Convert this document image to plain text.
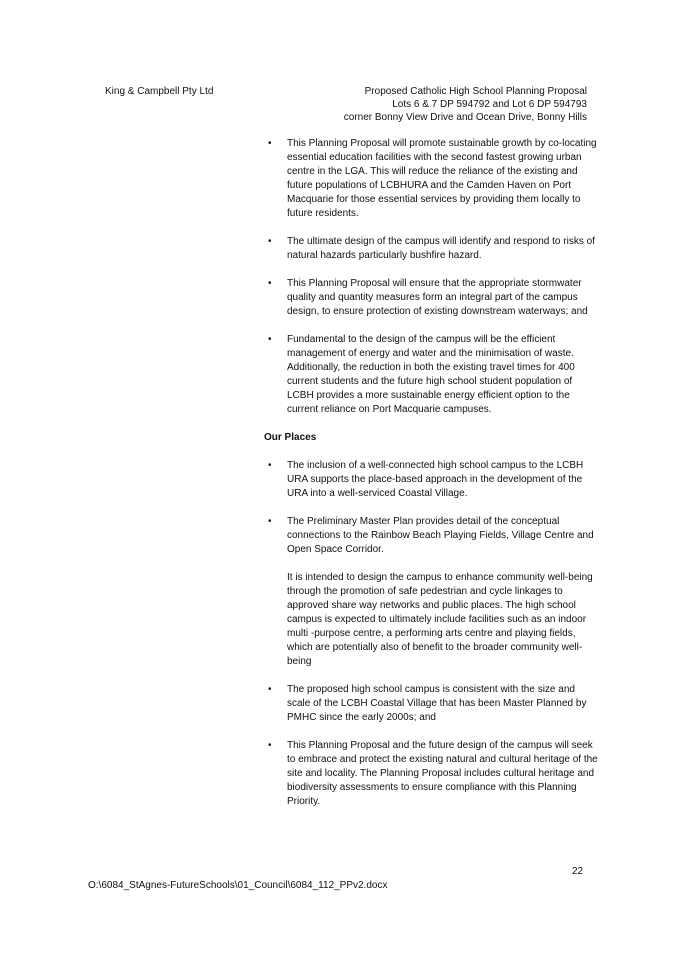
King & Campbell Pty Ltd	Proposed Catholic High School Planning Proposal
Lots 6 & 7 DP 594792 and Lot 6 DP 594793
corner Bonny View Drive and Ocean Drive, Bonny Hills
• This Planning Proposal will promote sustainable growth by co-locating essential education facilities with the second fastest growing urban centre in the LGA. This will reduce the reliance of the existing and future populations of LCBHURA and the Camden Haven on Port Macquarie for those essential services by providing them locally to future residents.
• The ultimate design of the campus will identify and respond to risks of natural hazards particularly bushfire hazard.
• This Planning Proposal will ensure that the appropriate stormwater quality and quantity measures form an integral part of the campus design, to ensure protection of existing downstream waterways; and
• Fundamental to the design of the campus will be the efficient management of energy and water and the minimisation of waste. Additionally, the reduction in both the existing travel times for 400 current students and the future high school student population of LCBH provides a more sustainable energy efficient option to the current reliance on Port Macquarie campuses.
Our Places
• The inclusion of a well-connected high school campus to the LCBH URA supports the place-based approach in the development of the URA into a well-serviced Coastal Village.
• The Preliminary Master Plan provides detail of the conceptual connections to the Rainbow Beach Playing Fields, Village Centre and Open Space Corridor.
It is intended to design the campus to enhance community well-being through the promotion of safe pedestrian and cycle linkages to approved share way networks and public places. The high school campus is expected to ultimately include facilities such as an indoor multi -purpose centre, a performing arts centre and playing fields, which are potentially also of benefit to the broader community well-being
• The proposed high school campus is consistent with the size and scale of the LCBH Coastal Village that has been Master Planned by PMHC since the early 2000s; and
• This Planning Proposal and the future design of the campus will seek to embrace and protect the existing natural and cultural heritage of the site and locality. The Planning Proposal includes cultural heritage and biodiversity assessments to ensure compliance with this Planning Priority.
22
O:\6084_StAgnes-FutureSchools\01_Council\6084_112_PPv2.docx
